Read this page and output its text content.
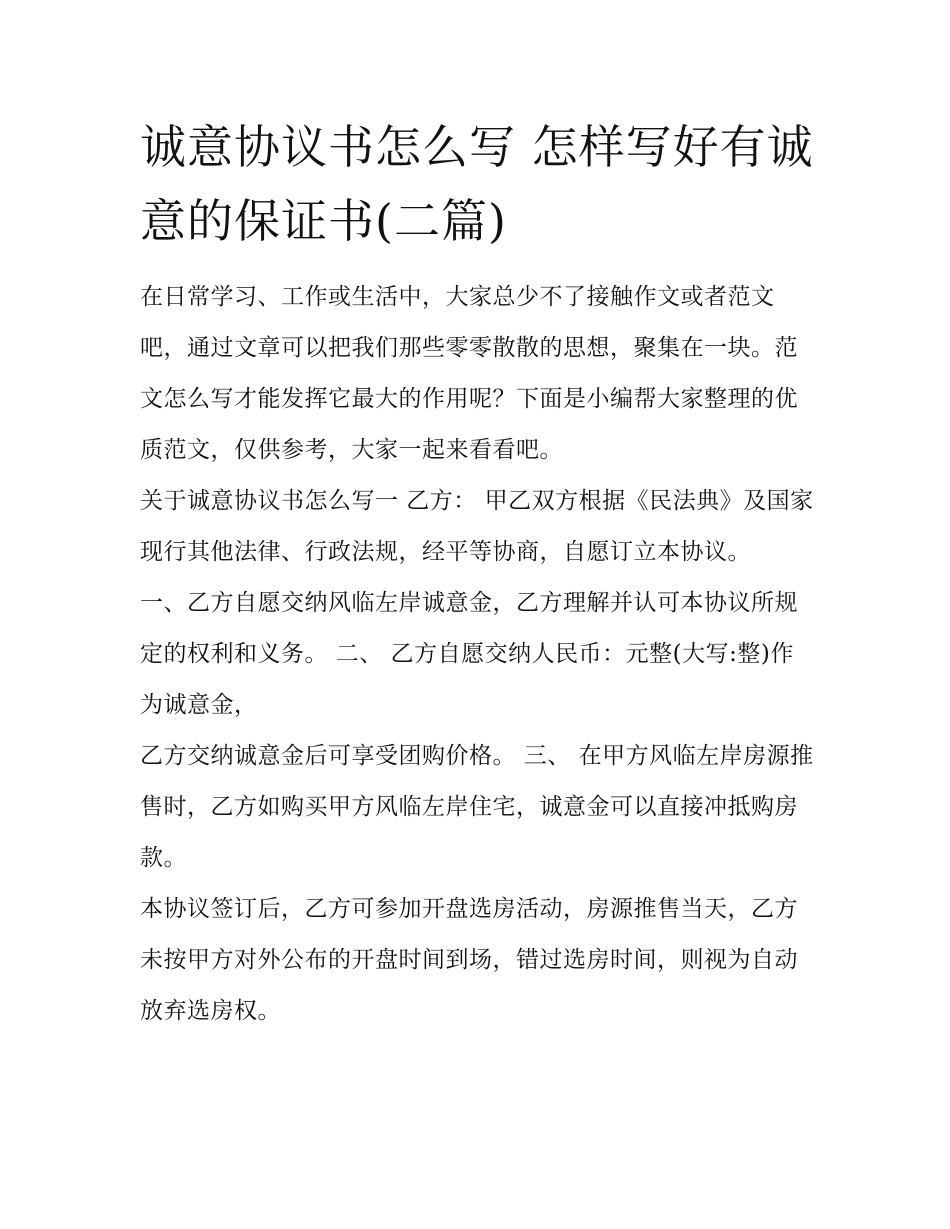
诚意协议书怎么写 怎样写好有诚意的保证书(二篇)

在日常学习、工作或生活中，大家总少不了接触作文或者范文吧，通过文章可以把我们那些零零散散的思想，聚集在一块。范文怎么写才能发挥它最大的作用呢？下面是小编帮大家整理的优质范文，仅供参考，大家一起来看看吧。

关于诚意协议书怎么写一 乙方： 甲乙双方根据《民法典》及国家现行其他法律、行政法规，经平等协商，自愿订立本协议。

一、乙方自愿交纳风临左岸诚意金，乙方理解并认可本协议所规定的权利和义务。 二、 乙方自愿交纳人民币：元整(大写:整)作为诚意金，

乙方交纳诚意金后可享受团购价格。 三、 在甲方风临左岸房源推售时，乙方如购买甲方风临左岸住宅，诚意金可以直接冲抵购房款。

本协议签订后，乙方可参加开盘选房活动，房源推售当天，乙方未按甲方对外公布的开盘时间到场，错过选房时间，则视为自动放弃选房权。
